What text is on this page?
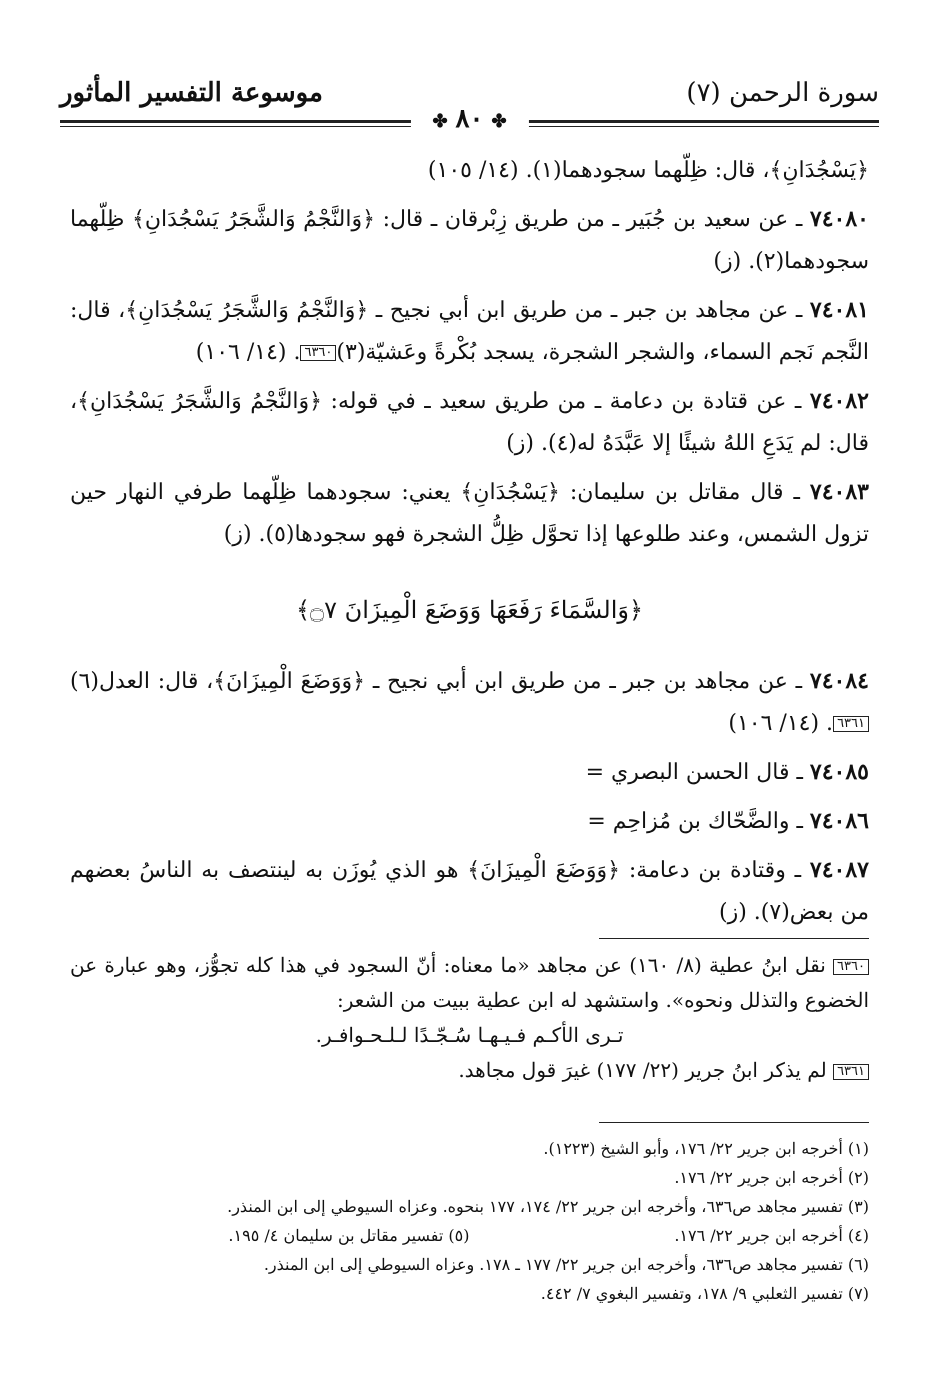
سورة الرحمن (٧)
موسوعة التفسير المأثور
✤ ٨٠ ✤

﴿يَسْجُدَانِ﴾، قال: ظِلّهما سجودهما(١). (١٤/ ١٠٥)

٧٤٠٨٠ ـ عن سعيد بن جُبَير ـ من طريق زِبْرقان ـ قال: ﴿وَالنَّجْمُ وَالشَّجَرُ يَسْجُدَانِ﴾ ظِلّهما سجودهما(٢). (ز)

٧٤٠٨١ ـ عن مجاهد بن جبر ـ من طريق ابن أبي نجيح ـ ﴿وَالنَّجْمُ وَالشَّجَرُ يَسْجُدَانِ﴾، قال: النَّجم نَجم السماء، والشجر الشجرة، يسجد بُكْرةً وعَشيّة(٣)٦٣٦٠. (١٤/ ١٠٦)

٧٤٠٨٢ ـ عن قتادة بن دعامة ـ من طريق سعيد ـ في قوله: ﴿وَالنَّجْمُ وَالشَّجَرُ يَسْجُدَانِ﴾، قال: لم يَدَعِ اللهُ شيئًا إلا عَبَّدَهُ له(٤). (ز)

٧٤٠٨٣ ـ قال مقاتل بن سليمان: ﴿يَسْجُدَانِ﴾ يعني: سجودهما ظِلّهما طرفي النهار حين تزول الشمس، وعند طلوعها إذا تحوَّل ظِلُّ الشجرة فهو سجودها(٥). (ز)

﴿وَالسَّمَاءَ رَفَعَهَا وَوَضَعَ الْمِيزَانَ ۝٧﴾

٧٤٠٨٤ ـ عن مجاهد بن جبر ـ من طريق ابن أبي نجيح ـ ﴿وَوَضَعَ الْمِيزَانَ﴾، قال: العدل(٦)٦٣٦١. (١٤/ ١٠٦)

٧٤٠٨٥ ـ قال الحسن البصري =

٧٤٠٨٦ ـ والضَّحّاك بن مُزاحِم =

٧٤٠٨٧ ـ وقتادة بن دعامة: ﴿وَوَضَعَ الْمِيزَانَ﴾ هو الذي يُوزَن به لينتصف به الناسُ بعضهم من بعض(٧). (ز)

٦٣٦٠ نقل ابنُ عطية (٨/ ١٦٠) عن مجاهد «ما معناه: أنّ السجود في هذا كله تجوُّز، وهو عبارة عن الخضوع والتذلل ونحوه». واستشهد له ابن عطية ببيت من الشعر:
تـرى الأكـم فـيـهـا سُـجّـدًا لـلـحـوافـر.
٦٣٦١ لم يذكر ابنُ جرير (٢٢/ ١٧٧) غيرَ قول مجاهد.
(١) أخرجه ابن جرير ٢٢/ ١٧٦، وأبو الشيخ (١٢٢٣).
(٢) أخرجه ابن جرير ٢٢/ ١٧٦.
(٣) تفسير مجاهد ص٦٣٦، وأخرجه ابن جرير ٢٢/ ١٧٤، ١٧٧ بنحوه. وعزاه السيوطي إلى ابن المنذر.
(٤) أخرجه ابن جرير ٢٢/ ١٧٦.
(٥) تفسير مقاتل بن سليمان ٤/ ١٩٥.
(٦) تفسير مجاهد ص٦٣٦، وأخرجه ابن جرير ٢٢/ ١٧٧ ـ ١٧٨. وعزاه السيوطي إلى ابن المنذر.
(٧) تفسير الثعلبي ٩/ ١٧٨، وتفسير البغوي ٧/ ٤٤٢.
